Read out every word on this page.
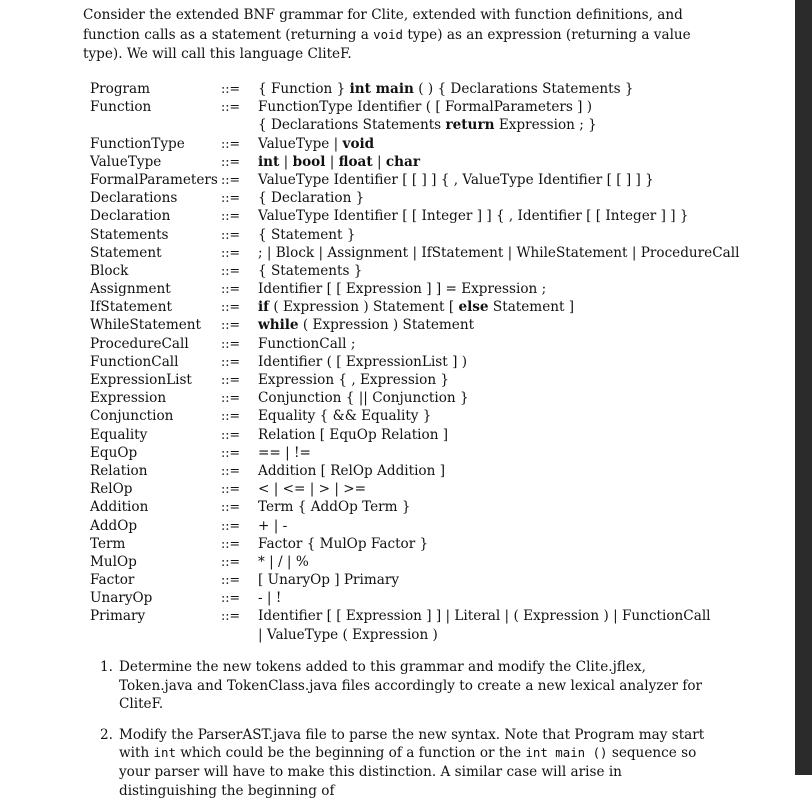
Consider the extended BNF grammar for Clite, extended with function definitions, and function calls as a statement (returning a void type) as an expression (returning a value type). We will call this language CliteF.

Program	::= { Function } int main ( ) { Declarations Statements }
Function	::= FunctionType Identifier ( [ FormalParameters ] )
{ Declarations Statements return Expression ; }
FunctionType	::= ValueType | void
ValueType	::= int | bool | float | char
FormalParameters ::= ValueType Identifier [ [ ] ] { , ValueType Identifier [ [ ] ] }
Declarations	::= { Declaration }
Declaration	::= ValueType Identifier [ [ Integer ] ] { , Identifier [ [ Integer ] ] }
Statements	::= { Statement }
Statement	::= ; | Block | Assignment | IfStatement | WhileStatement | ProcedureCall
Block	::= { Statements }
Assignment	::= Identifier [ [ Expression ] ] = Expression ;
IfStatement	::= if ( Expression ) Statement [ else Statement ]
WhileStatement ::= while ( Expression ) Statement
ProcedureCall	::= FunctionCall ;
FunctionCall	::= Identifier ( [ ExpressionList ] )
ExpressionList ::= Expression { , Expression }
Expression	::= Conjunction { || Conjunction }
Conjunction	::= Equality { && Equality }
Equality	::= Relation [ EquOp Relation ]
EquOp	::= == | !=
Relation	::= Addition [ RelOp Addition ]
RelOp	::= < | <= | > | >=
Addition	::= Term { AddOp Term }
AddOp	::= + | -
Term	::= Factor { MulOp Factor }
MulOp	::= * | / | %
Factor	::= [ UnaryOp ] Primary
UnaryOp	::= - | !
Primary	::= Identifier [ [ Expression ] ] | Literal | ( Expression ) | FunctionCall
| ValueType ( Expression )
1. Determine the new tokens added to this grammar and modify the Clite.jflex, Token.java and TokenClass.java files accordingly to create a new lexical analyzer for CliteF.
2. Modify the ParserAST.java file to parse the new syntax. Note that Program may start with int which could be the beginning of a function or the int main () sequence so your parser will have to make this distinction. A similar case will arise in distinguishing the beginning of
